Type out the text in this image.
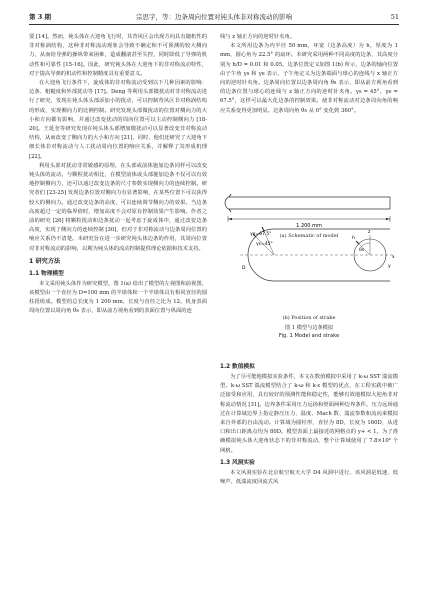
第 3 期	宗思宇，等：边条周向位置对钝头体非对称流动的影响	51

要 [14]。然而，钝头体在大迎角飞行时，其背风区会出现方向具有随机性的非对称涡结构，这种非对称流动现象会导致不确定和不可预测的较大侧向力，从而给导弹的操纵带来困难，造成翻滚甚至失控，同时降低了导弹的机动性和可靠性 [15-16]。因此，研究钝头体在大迎角下的非对称流动特性，对于提高导弹的机动性和控制精度具有重要意义。

在大迎角飞行条件下，旋成体的非对称流动受到以下几种因素的影响：边条、粗糙度和外部扰动等 [17]。Deng 等利用头部微扰动对非对称流动进行了研究，发现在钝头体头部添加小的扰动，可以控制背风区非对称涡结构的形成，实现侧向力的比例控制。研究发现头部微扰动的位置对侧向力的大小和方向都有影响，并通过改变扰动的周向位置可以主动控制侧向力 [18-20]。王延奎等研究发现在钝头体头部增加微扰动可以显著改变非对称流动结构，从而改变了侧向力的大小和方向 [21]，同时，他们还研究了大迎角下细长体非对称流动与人工扰动周向位置的响应关系，并解释了其形成机理 [22]。

利用头部对扰动非常敏感的原理，在头部或前体施加边条同样可以改变钝头体的流动。与颗粒扰动相比，在模型前体或头部施加边条不仅可以有效地控制侧向力，还可以通过改变边条的尺寸参数实现侧向力的连续控制。研究者们 [23-25] 发现边条位置对侧向力有显著影响，在某些位置下可以获得较大的侧向力。通过改变边条的高度，可以连续调节侧向力的效果。当边条高度超过一定的临界值时，增加高度不会对原有控制效果产生影响。作者之前的研究 [26] 将颗粒扰动和边条扰动一起考虑于旋成体中，通过改变边条高度，实现了侧向力的连续控制 [30]，但对于非对称流动与边条周向位置的响应关系仍不清楚。本研究旨在进一步研究钝头体边条的作用，其周向位置对非对称流动的影响，以期为钝头体的流动控制提供理论依据和技术支持。

1 研究方法
1.1 物理模型

本文采用钝头体作为研究模型，图 1(a) 给出了模型的左视图和前视图，该模型由一个直径为 D=100 mm 的半球体和一个半球体具有相同直径的圆柱段组成。模型的总长度为 1 200 mm，长度与直径之比为 12。机身表面周向位置以周向角 θs 表示，即从前方视角看到的表面位置与纵面的连

线与 z 轴正方向的逆时针夹角。

本文所用边条为内半径 50 mm，环宽（边条高度）为 h，厚度为 1 mm，圆心角为 22.5° 的扇环。本研究采用两种不同高度的边条，其高度分别为 h/D = 0.01 和 0.05。边条位置定义如图 1(b) 所示，边条的轴向位置由子午角 γs 和 γe 表示，子午角定义为边条端面与球心的连线与 x 轴正方向的逆时针夹角。边条周向位置以边条周向角 θs 表示，即从前方视角看到的边条位置与球心的连线与 z 轴正方向的逆时针夹角。γs = 45°，γe = 67.5°，这样可以最大化边条的控制效果。使非对称流动对边条周向角的响应关系变得更加明显。边条周向角 θs 从 0° 变化到 360°。

1 200 mm
γe=67.5°
γs=45°
x
z
y
θs
h
D
(a) Schematic of model
(b) Position of strake
图 1 模型与边条模拟
Fig. 1 Model and strake
1.2 数值模拟

为了尽可能地模拟实验条件，本文在数值模拟中采用了 k-ω SST 湍流模型。k-ω SST 湍流模型结合了 k-ω 和 k-ε 模型的优点，在工程实践中被广泛接受和应用，具有较好的预测性能和稳定性，能够有效地模拟大迎角非对称流动情况 [31]。边界条件采用压力远场和壁面两种边界条件。压力远场通过在计算域边界上指定静压压力、温度、Mach 数、湍流参数和流向来模拟来自外部的自由流动。计算域为圆柱形，直径为 8D，长度为 160D，从进口和出口距离点均为 80D。模型表面上最接近的网格点的 y+ < 1。为了准确模拟钝头体大迎角状态下的非对称流动，整个计算域使用了 7.8×10⁶ 个网格。

1.3 风洞实验

本文风洞实验在北京航空航天大学 D4 风洞中进行，该风洞是低速、低噪声、低湍流度回流式风
